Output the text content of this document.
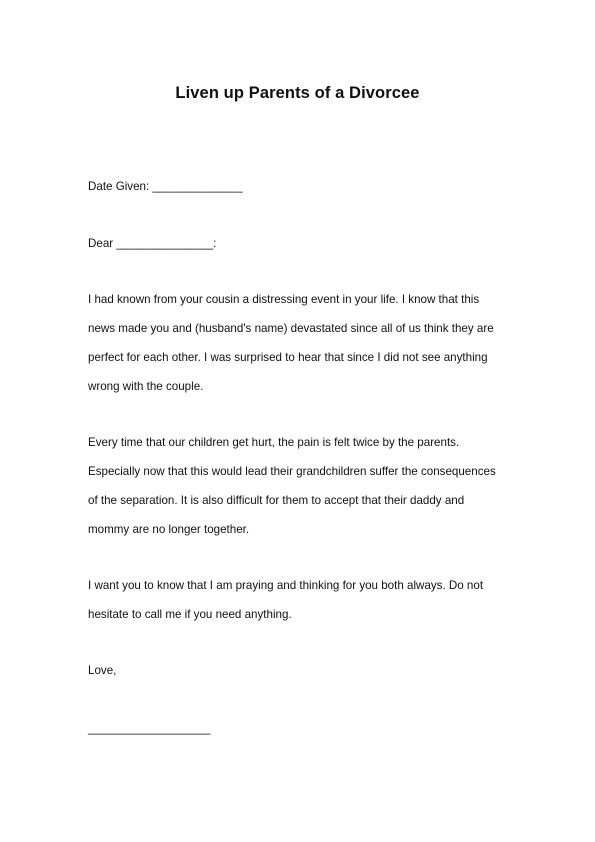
Liven up Parents of a Divorcee
Date Given: ______________
Dear _______________:
I had known from your cousin a distressing event in your life. I know that this
news made you and (husband's name) devastated since all of us think they are
perfect for each other. I was surprised to hear that since I did not see anything
wrong with the couple.
Every time that our children get hurt, the pain is felt twice by the parents.
Especially now that this would lead their grandchildren suffer the consequences
of the separation. It is also difficult for them to accept that their daddy and
mommy are no longer together.
I want you to know that I am praying and thinking for you both always. Do not
hesitate to call me if you need anything.
Love,
___________________
